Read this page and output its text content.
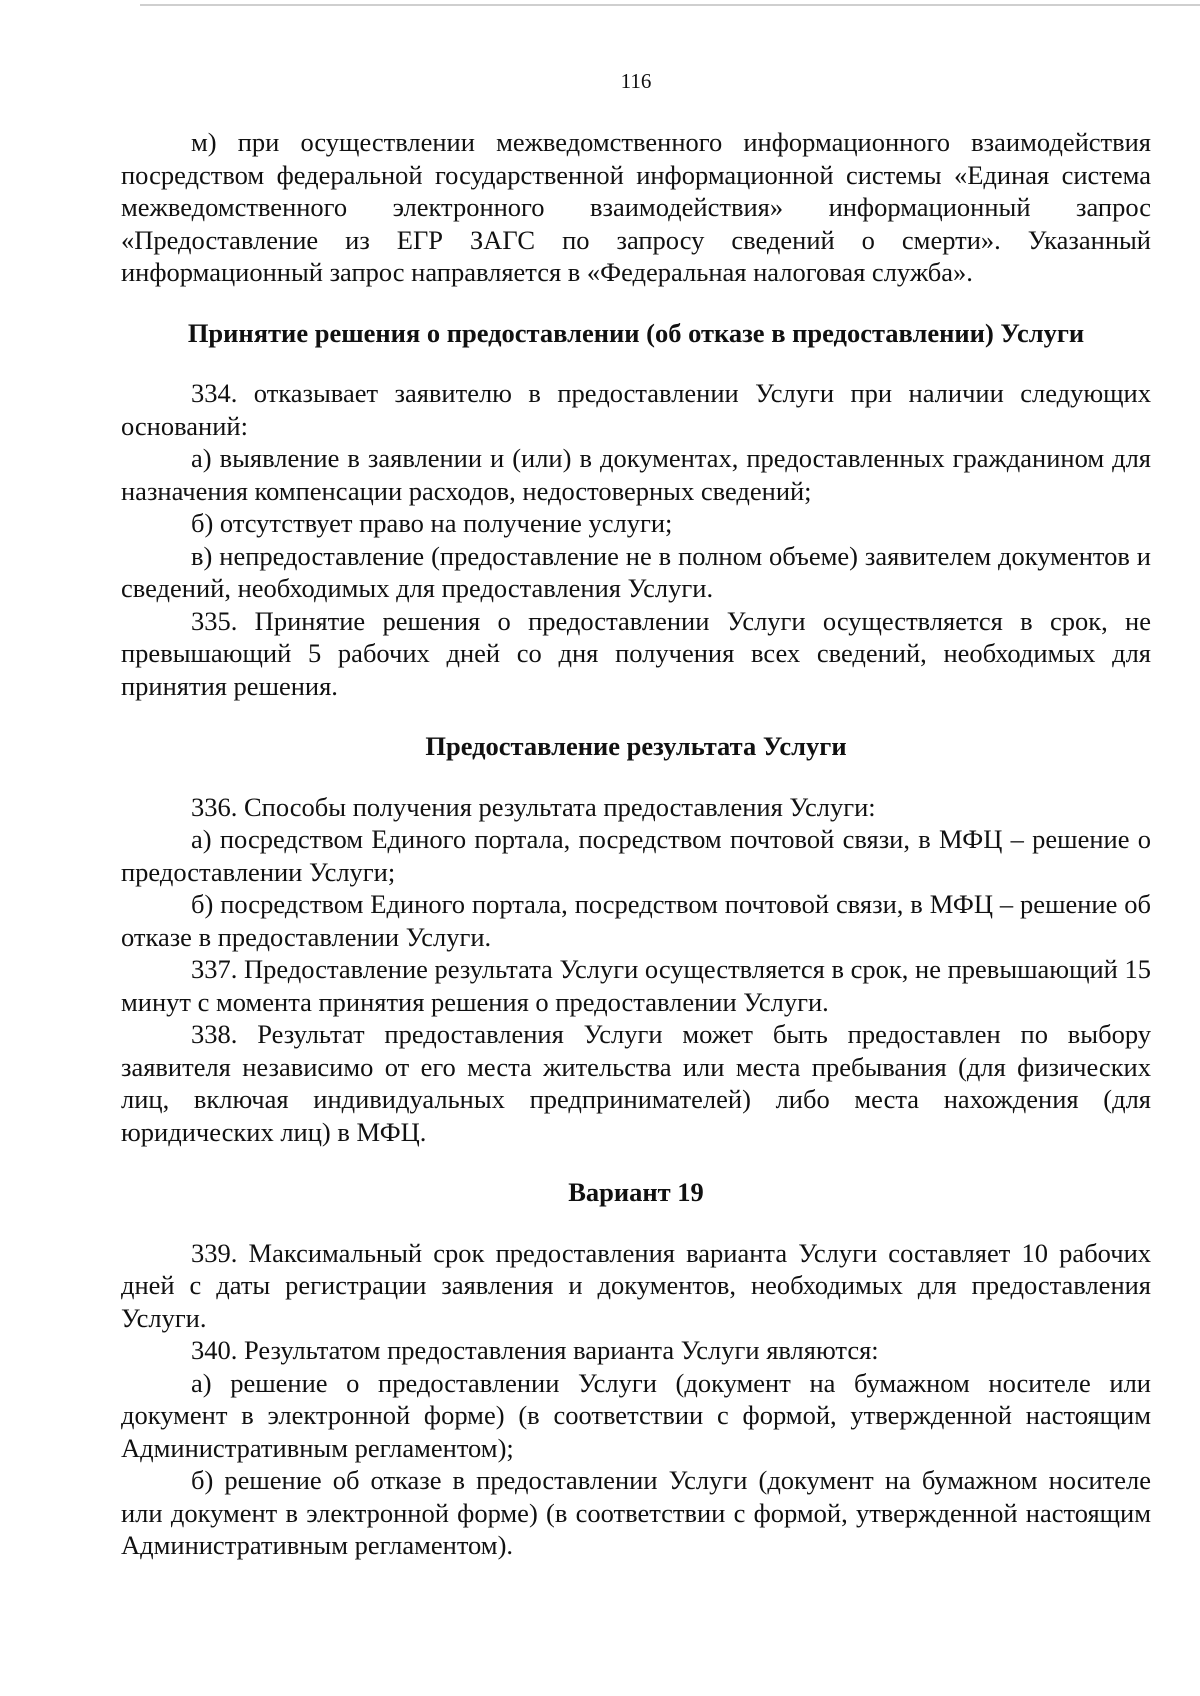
116

м) при осуществлении межведомственного информационного взаимодействия посредством федеральной государственной информационной системы «Единая система межведомственного электронного взаимодействия» информационный запрос «Предоставление из ЕГР ЗАГС по запросу сведений о смерти». Указанный информационный запрос направляется в «Федеральная налоговая служба».

Принятие решения о предоставлении (об отказе в предоставлении) Услуги

334. отказывает заявителю в предоставлении Услуги при наличии следующих оснований:

а) выявление в заявлении и (или) в документах, предоставленных гражданином для назначения компенсации расходов, недостоверных сведений;

б) отсутствует право на получение услуги;

в) непредоставление (предоставление не в полном объеме) заявителем документов и сведений, необходимых для предоставления Услуги.

335. Принятие решения о предоставлении Услуги осуществляется в срок, не превышающий 5 рабочих дней со дня получения всех сведений, необходимых для принятия решения.

Предоставление результата Услуги

336. Способы получения результата предоставления Услуги:

а) посредством Единого портала, посредством почтовой связи, в МФЦ – решение о предоставлении Услуги;

б) посредством Единого портала, посредством почтовой связи, в МФЦ – решение об отказе в предоставлении Услуги.

337. Предоставление результата Услуги осуществляется в срок, не превышающий 15 минут с момента принятия решения о предоставлении Услуги.

338. Результат предоставления Услуги может быть предоставлен по выбору заявителя независимо от его места жительства или места пребывания (для физических лиц, включая индивидуальных предпринимателей) либо места нахождения (для юридических лиц) в МФЦ.

Вариант 19

339. Максимальный срок предоставления варианта Услуги составляет 10 рабочих дней с даты регистрации заявления и документов, необходимых для предоставления Услуги.

340. Результатом предоставления варианта Услуги являются:

а) решение о предоставлении Услуги (документ на бумажном носителе или документ в электронной форме) (в соответствии с формой, утвержденной настоящим Административным регламентом);

б) решение об отказе в предоставлении Услуги (документ на бумажном носителе или документ в электронной форме) (в соответствии с формой, утвержденной настоящим Административным регламентом).
